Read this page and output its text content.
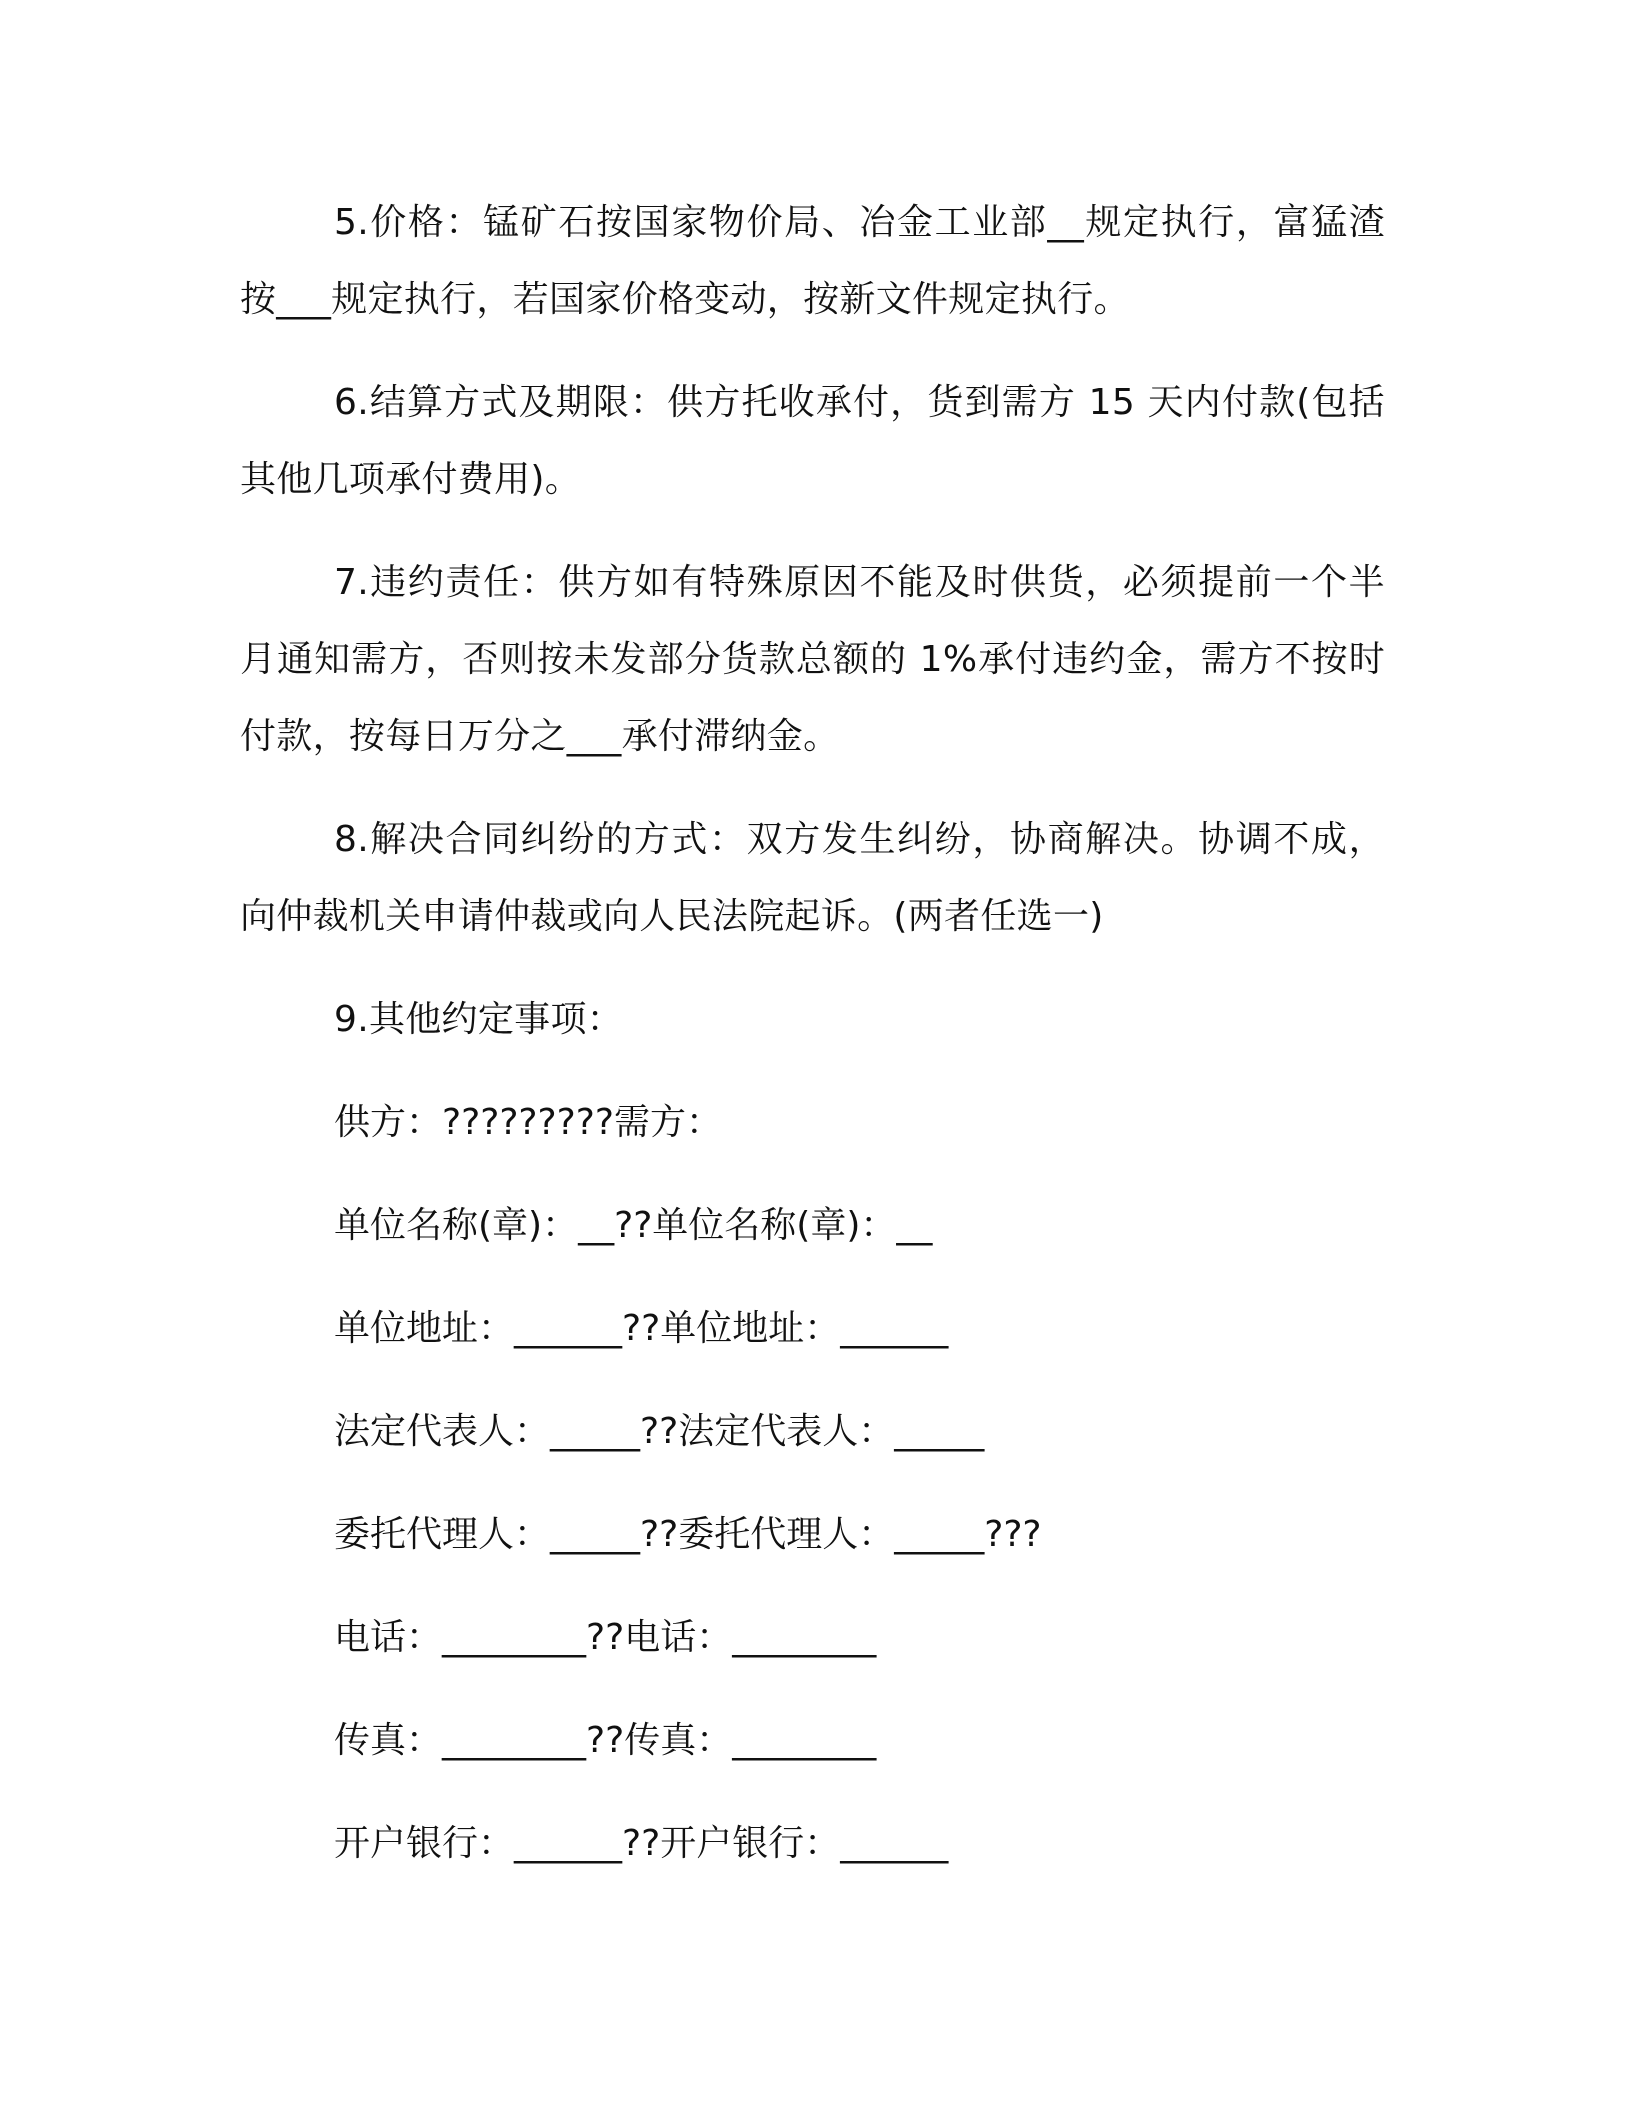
5.价格：锰矿石按国家物价局、冶金工业部__规定执行，富猛渣按___规定执行，若国家价格变动，按新文件规定执行。

6.结算方式及期限：供方托收承付，货到需方 15 天内付款(包括其他几项承付费用)。

7.违约责任：供方如有特殊原因不能及时供货，必须提前一个半月通知需方，否则按未发部分货款总额的 1%承付违约金，需方不按时付款，按每日万分之___承付滞纳金。

8.解决合同纠纷的方式：双方发生纠纷，协商解决。协调不成，向仲裁机关申请仲裁或向人民法院起诉。(两者任选一)

9.其他约定事项：

供方：?????????需方：

单位名称(章)：__??单位名称(章)：__

单位地址：______??单位地址：______

法定代表人：_____??法定代表人：_____

委托代理人：_____??委托代理人：_____???

电话：________??电话：________

传真：________??传真：________

开户银行：______??开户银行：______
